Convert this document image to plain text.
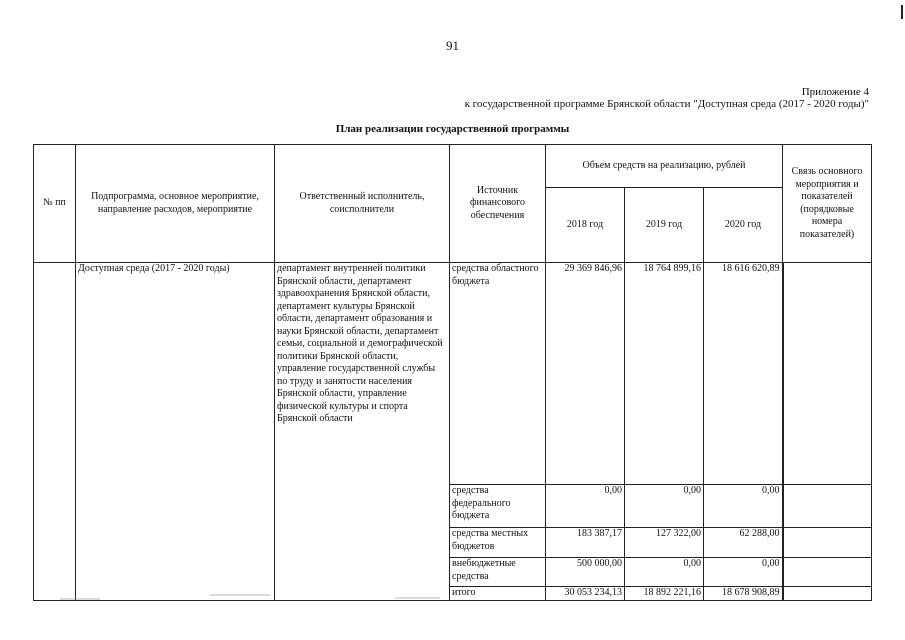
91
Приложение 4
к государственной программе Брянской области "Доступная среда (2017 - 2020 годы)"
План реализации государственной программы
№ пп	Подпрограмма, основное мероприятие, направление расходов, мероприятие	Ответственный исполнитель, соисполнители	Источник финансового обеспечения	Объем средств на реализацию, рублей			Связь основного мероприятия и показателей (порядковые номера показателей)
				2018 год	2019 год	2020 год	
	Доступная среда (2017 - 2020 годы)	департамент внутренней политики Брянской области, департамент здравоохранения Брянской области, департамент культуры Брянской области, департамент образования и науки Брянской области, департамент семьи, социальной и демографической политики Брянской области, управление государственной службы по труду и занятости населения Брянской области, управление физической культуры и спорта Брянской области	средства областного бюджета	29 369 846,96	18 764 899,16	18 616 620,89	
			средства федерального бюджета	0,00	0,00	0,00	
			средства местных бюджетов	183 387,17	127 322,00	62 288,00	
			внебюджетные средства	500 000,00	0,00	0,00	
			итого	30 053 234,13	18 892 221,16	18 678 908,89	
